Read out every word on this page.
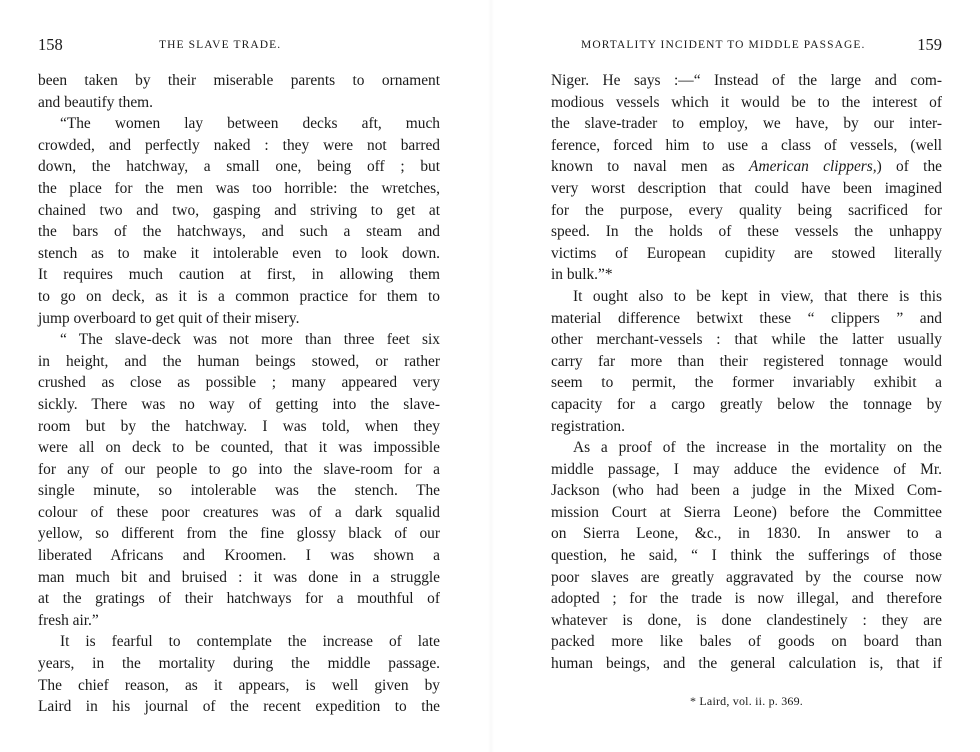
158	THE SLAVE TRADE.
been taken by their miserable parents to ornament
and beautify them.
“The women lay between decks aft, much
crowded, and perfectly naked : they were not barred
down, the hatchway, a small one, being off ; but
the place for the men was too horrible: the wretches,
chained two and two, gasping and striving to get at
the bars of the hatchways, and such a steam and
stench as to make it intolerable even to look down.
It requires much caution at first, in allowing them
to go on deck, as it is a common practice for them to
jump overboard to get quit of their misery.
“ The slave-deck was not more than three feet six
in height, and the human beings stowed, or rather
crushed as close as possible ; many appeared very
sickly. There was no way of getting into the slave-
room but by the hatchway. I was told, when they
were all on deck to be counted, that it was impossible
for any of our people to go into the slave-room for a
single minute, so intolerable was the stench. The
colour of these poor creatures was of a dark squalid
yellow, so different from the fine glossy black of our
liberated Africans and Kroomen. I was shown a
man much bit and bruised : it was done in a struggle
at the gratings of their hatchways for a mouthful of
fresh air.”
It is fearful to contemplate the increase of late
years, in the mortality during the middle passage.
The chief reason, as it appears, is well given by
Laird in his journal of the recent expedition to the
MORTALITY INCIDENT TO MIDDLE PASSAGE.	159
Niger. He says :—“ Instead of the large and com-
modious vessels which it would be to the interest of
the slave-trader to employ, we have, by our inter-
ference, forced him to use a class of vessels, (well
known to naval men as American clippers,) of the
very worst description that could have been imagined
for the purpose, every quality being sacrificed for
speed. In the holds of these vessels the unhappy
victims of European cupidity are stowed literally
in bulk.”*
It ought also to be kept in view, that there is this
material difference betwixt these “ clippers ” and
other merchant-vessels : that while the latter usually
carry far more than their registered tonnage would
seem to permit, the former invariably exhibit a
capacity for a cargo greatly below the tonnage by
registration.
As a proof of the increase in the mortality on the
middle passage, I may adduce the evidence of Mr.
Jackson (who had been a judge in the Mixed Com-
mission Court at Sierra Leone) before the Committee
on Sierra Leone, &c., in 1830. In answer to a
question, he said, “ I think the sufferings of those
poor slaves are greatly aggravated by the course now
adopted ; for the trade is now illegal, and therefore
whatever is done, is done clandestinely : they are
packed more like bales of goods on board than
human beings, and the general calculation is, that if
* Laird, vol. ii. p. 369.
